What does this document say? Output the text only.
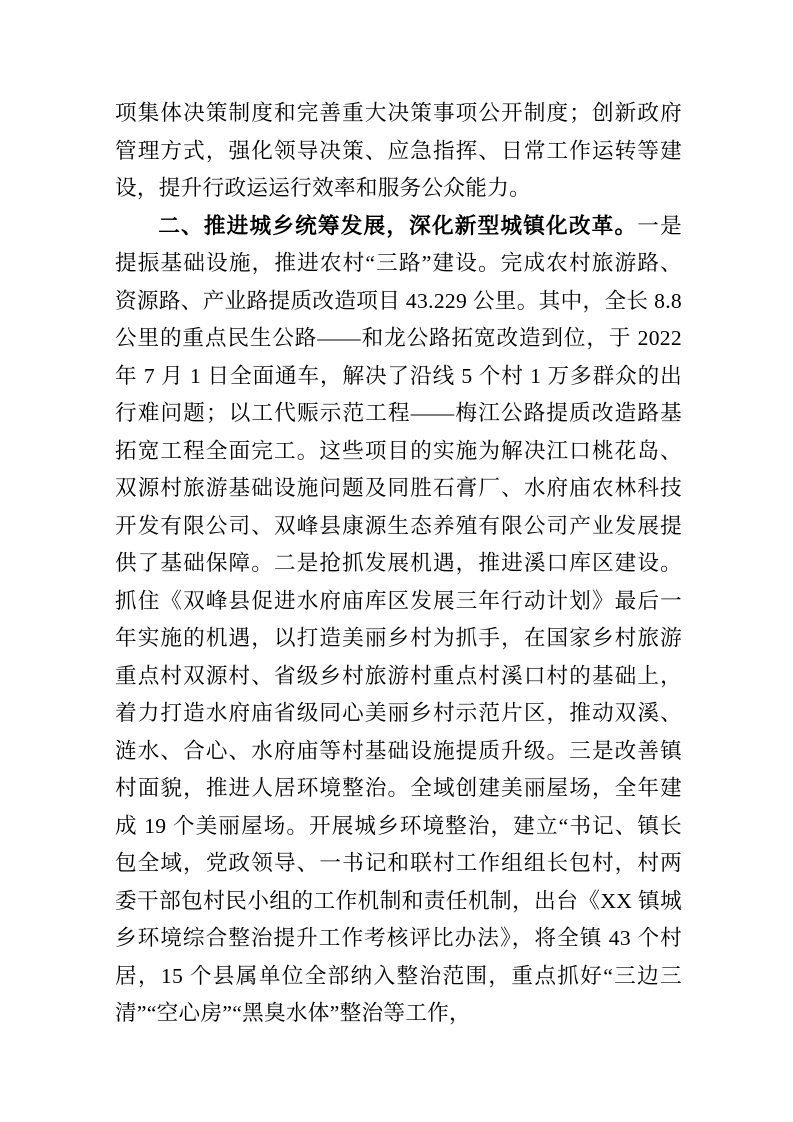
项集体决策制度和完善重大决策事项公开制度；创新政府管理方式，强化领导决策、应急指挥、日常工作运转等建设，提升行政运运行效率和服务公众能力。

二、推进城乡统筹发展，深化新型城镇化改革。一是提振基础设施，推进农村“三路”建设。完成农村旅游路、资源路、产业路提质改造项目 43.229 公里。其中，全长 8.8 公里的重点民生公路——和龙公路拓宽改造到位，于 2022 年 7 月 1 日全面通车，解决了沿线 5 个村 1 万多群众的出行难问题；以工代赈示范工程——梅江公路提质改造路基拓宽工程全面完工。这些项目的实施为解决江口桃花岛、双源村旅游基础设施问题及同胜石膏厂、水府庙农林科技开发有限公司、双峰县康源生态养殖有限公司产业发展提供了基础保障。二是抢抓发展机遇，推进溪口库区建设。抓住《双峰县促进水府庙库区发展三年行动计划》最后一年实施的机遇，以打造美丽乡村为抓手，在国家乡村旅游重点村双源村、省级乡村旅游村重点村溪口村的基础上，着力打造水府庙省级同心美丽乡村示范片区，推动双溪、涟水、合心、水府庙等村基础设施提质升级。三是改善镇村面貌，推进人居环境整治。全域创建美丽屋场，全年建成 19 个美丽屋场。开展城乡环境整治，建立“书记、镇长包全域，党政领导、一书记和联村工作组组长包村，村两委干部包村民小组的工作机制和责任机制，出台《XX 镇城乡环境综合整治提升工作考核评比办法》，将全镇 43 个村居，15 个县属单位全部纳入整治范围，重点抓好“三边三清”“空心房”“黑臭水体”整治等工作，
